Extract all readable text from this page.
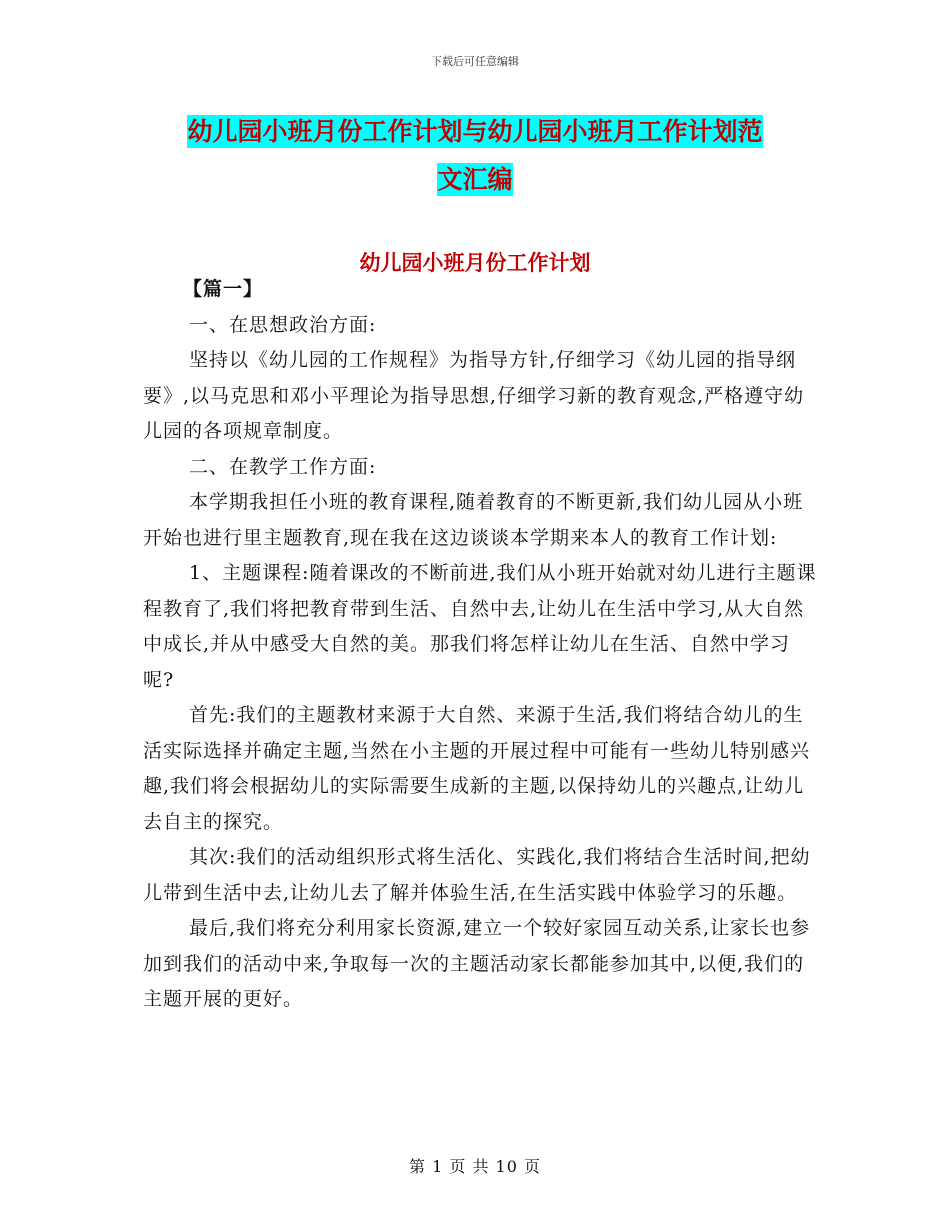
下载后可任意编辑
幼儿园小班月份工作计划与幼儿园小班月工作计划范
文汇编
幼儿园小班月份工作计划

【篇一】

一、在思想政治方面:

坚持以《幼儿园的工作规程》为指导方针,仔细学习《幼儿园的指导纲要》,以马克思和邓小平理论为指导思想,仔细学习新的教育观念,严格遵守幼儿园的各项规章制度。

二、在教学工作方面:

本学期我担任小班的教育课程,随着教育的不断更新,我们幼儿园从小班开始也进行里主题教育,现在我在这边谈谈本学期来本人的教育工作计划:

1、主题课程:随着课改的不断前进,我们从小班开始就对幼儿进行主题课程教育了,我们将把教育带到生活、自然中去,让幼儿在生活中学习,从大自然中成长,并从中感受大自然的美。那我们将怎样让幼儿在生活、自然中学习呢?

首先:我们的主题教材来源于大自然、来源于生活,我们将结合幼儿的生活实际选择并确定主题,当然在小主题的开展过程中可能有一些幼儿特别感兴趣,我们将会根据幼儿的实际需要生成新的主题,以保持幼儿的兴趣点,让幼儿去自主的探究。

其次:我们的活动组织形式将生活化、实践化,我们将结合生活时间,把幼儿带到生活中去,让幼儿去了解并体验生活,在生活实践中体验学习的乐趣。

最后,我们将充分利用家长资源,建立一个较好家园互动关系,让家长也参加到我们的活动中来,争取每一次的主题活动家长都能参加其中,以便,我们的主题开展的更好。

第 1 页 共 10 页
